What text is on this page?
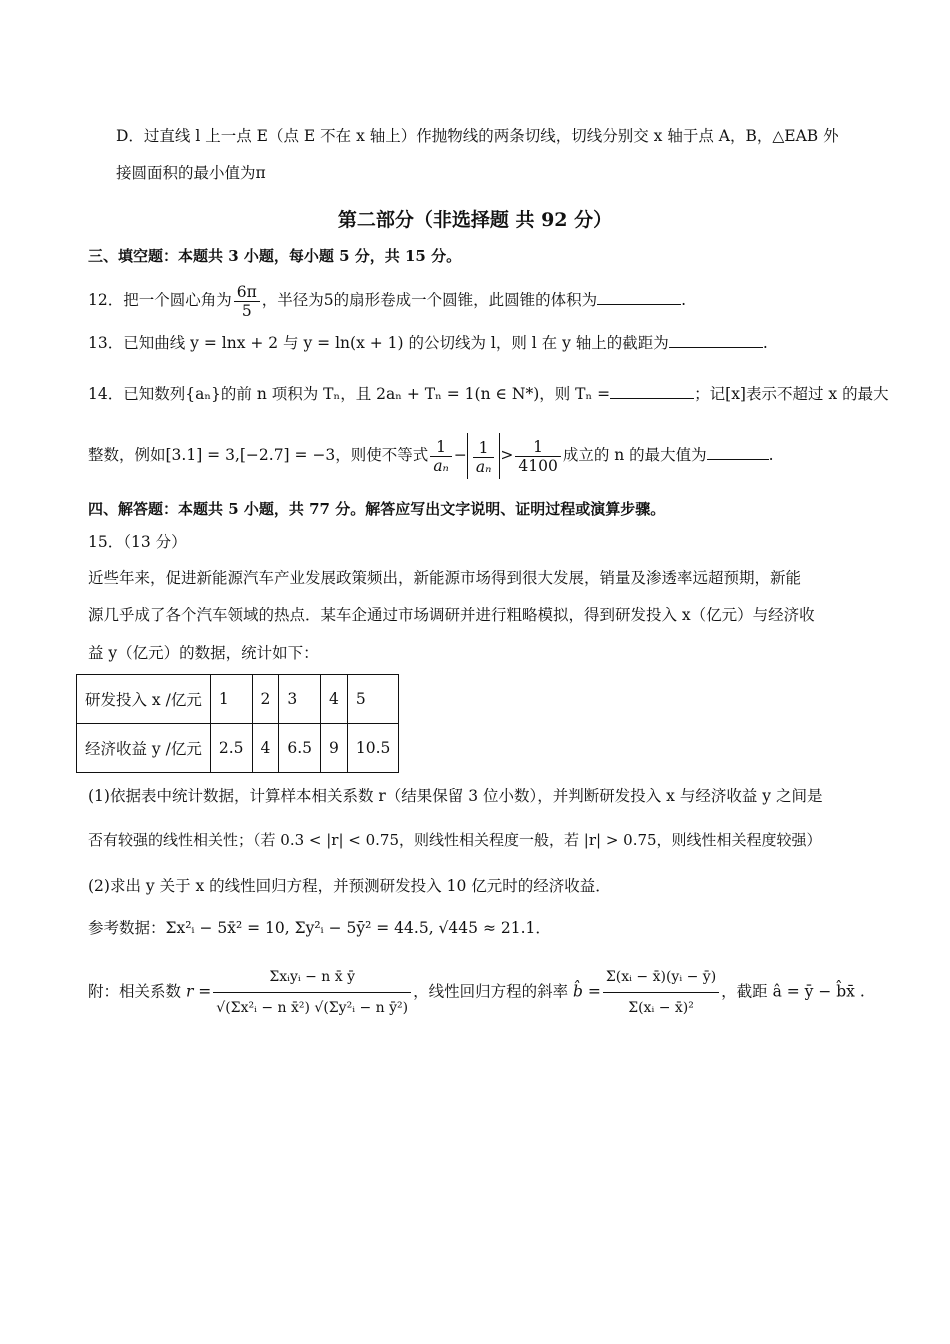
D．过直线 l 上一点 E（点 E 不在 x 轴上）作抛物线的两条切线，切线分别交 x 轴于点 A，B，△EAB 外
接圆面积的最小值为π
第二部分（非选择题 共 92 分）
三、填空题：本题共 3 小题，每小题 5 分，共 15 分。
12．把一个圆心角为 $\frac{6\pi}{5}$ ，半径为5的扇形卷成一个圆锥，此圆锥的体积为	.
13．已知曲线 y = lnx + 2 与 y = ln(x + 1) 的公切线为 l，则 l 在 y 轴上的截距为	.
14．已知数列{aₙ}的前 n 项积为 Tₙ，且 2aₙ + Tₙ = 1(n ∈ N*)，则 Tₙ =	；记[x]表示不超过 x 的最大
整数，例如[3.1] = 3,[−2.7] = −3，则使不等式 $\frac{1}{\text{aₙ}} - \frac{1}{\text{aₙ}} > \frac{1}{4100}$ 成立的 n 的最大值为	.
四、解答题：本题共 5 小题，共 77 分。解答应写出文字说明、证明过程或演算步骤。
15．（13 分）
近些年来，促进新能源汽车产业发展政策频出，新能源市场得到很大发展，销量及渗透率远超预期，新能
源几乎成了各个汽车领域的热点．某车企通过市场调研并进行粗略模拟，得到研发投入 x（亿元）与经济收
益 y（亿元）的数据，统计如下：
研发投入 x /亿元	1	2	3	4	5
经济收益 y /亿元	2.5	4	6.5	9	10.5
(1)依据表中统计数据，计算样本相关系数 r（结果保留 3 位小数），并判断研发投入 x 与经济收益 y 之间是
否有较强的线性相关性；（若 0.3 < |r| < 0.75，则线性相关程度一般，若 |r| > 0.75，则线性相关程度较强）
(2)求出 y 关于 x 的线性回归方程，并预测研发投入 10 亿元时的经济收益．
参考数据：Σx²ᵢ − 5x̄² = 10, Σy²ᵢ − 5ȳ² = 44.5, √445 ≈ 21.1．
附：相关系数 $r = \frac{\text{Σxᵢyᵢ − n x̄ ȳ}}{\text{√(Σx²ᵢ − n x̄²) √(Σy²ᵢ − n ȳ²)}}$ ，线性回归方程的斜率 b̂ = $\frac{\text{Σ(xᵢ − x̄)(yᵢ − ȳ)}}{\text{Σ(xᵢ − x̄)²}}$ ，截距 â = ȳ − b̂x̄ .
